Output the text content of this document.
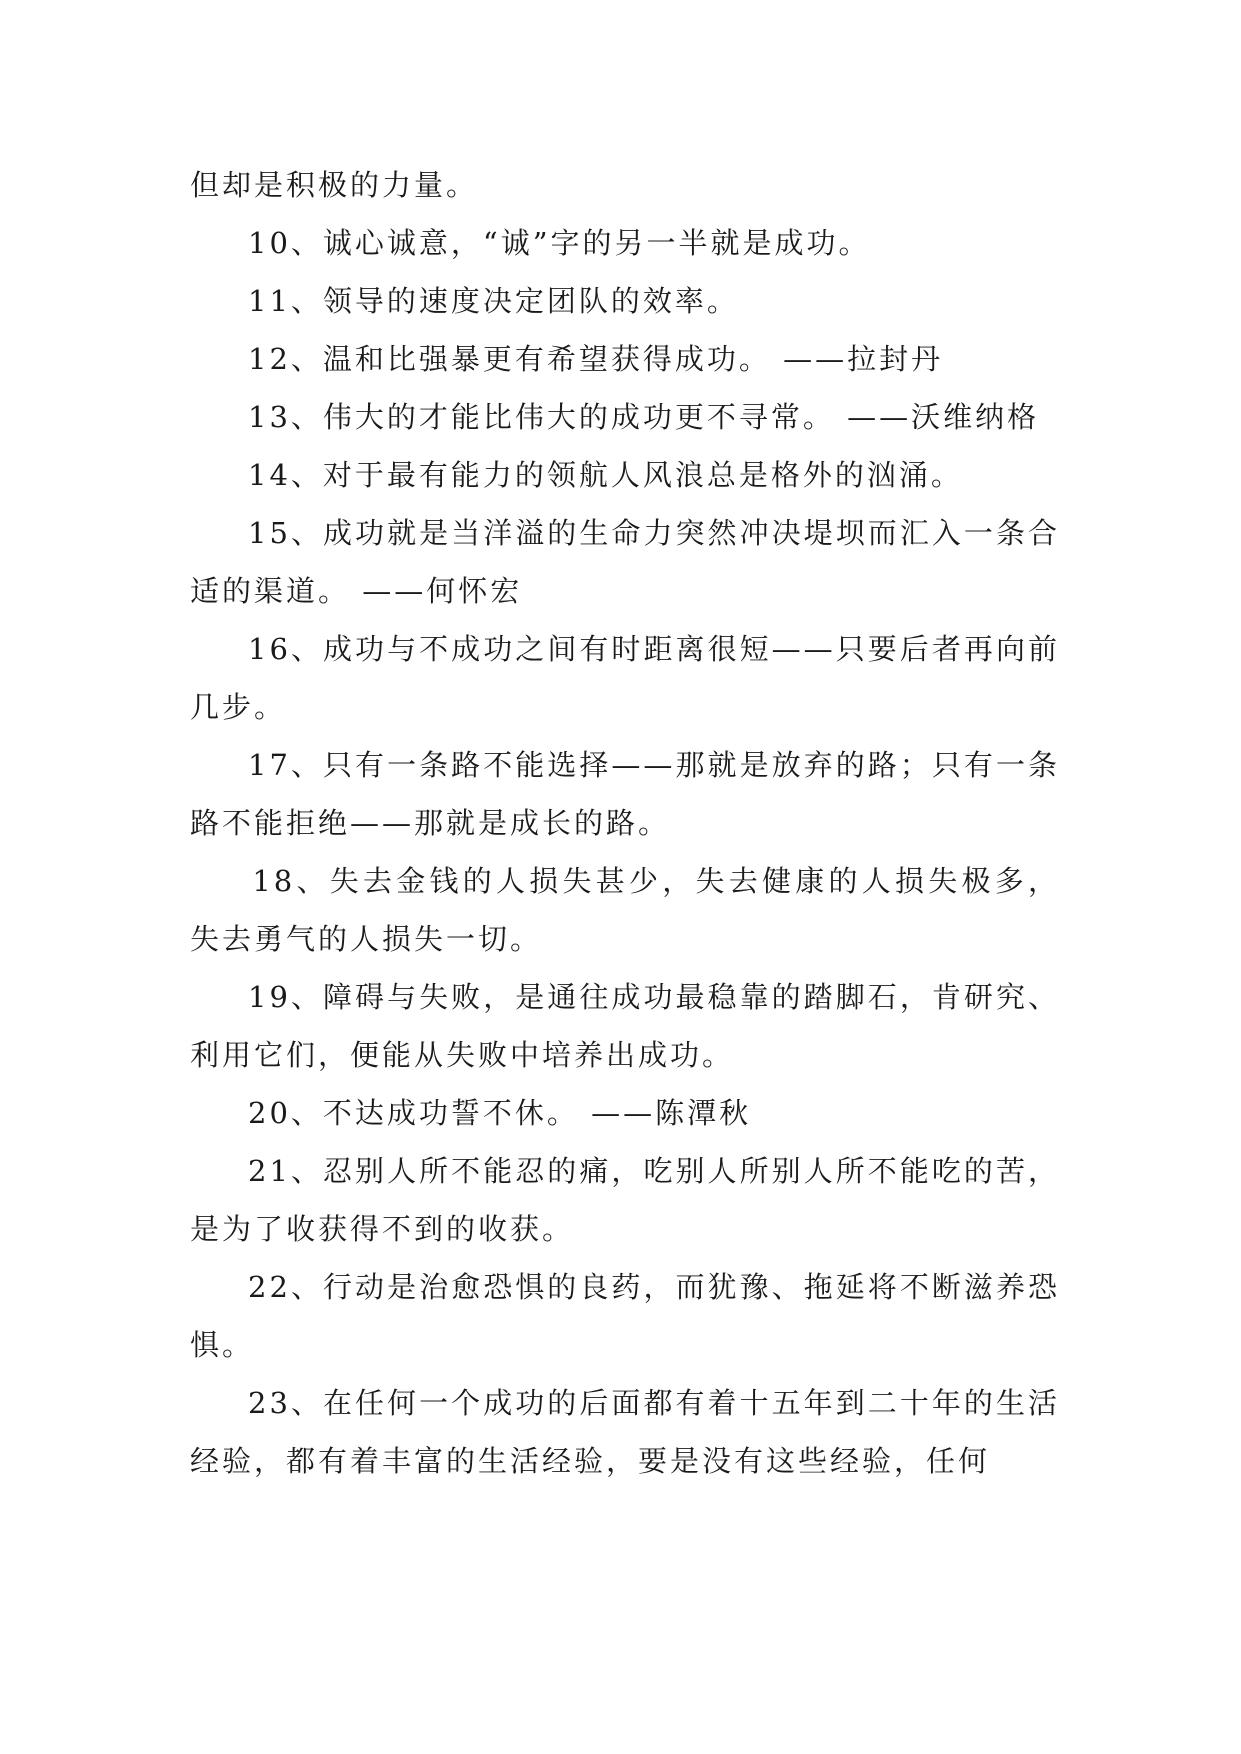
但却是积极的力量。

10、诚心诚意，“诚”字的另一半就是成功。

11、领导的速度决定团队的效率。

12、温和比强暴更有希望获得成功。 ——拉封丹

13、伟大的才能比伟大的成功更不寻常。 ——沃维纳格

14、对于最有能力的领航人风浪总是格外的汹涌。

15、成功就是当洋溢的生命力突然冲决堤坝而汇入一条合适的渠道。 ——何怀宏

16、成功与不成功之间有时距离很短——只要后者再向前几步。

17、只有一条路不能选择——那就是放弃的路；只有一条路不能拒绝——那就是成长的路。

18、失去金钱的人损失甚少，失去健康的人损失极多，失去勇气的人损失一切。

19、障碍与失败，是通往成功最稳靠的踏脚石，肯研究、利用它们，便能从失败中培养出成功。

20、不达成功誓不休。 ——陈潭秋

21、忍别人所不能忍的痛，吃别人所别人所不能吃的苦，是为了收获得不到的收获。

22、行动是治愈恐惧的良药，而犹豫、拖延将不断滋养恐惧。

23、在任何一个成功的后面都有着十五年到二十年的生活经验，都有着丰富的生活经验，要是没有这些经验，任何
